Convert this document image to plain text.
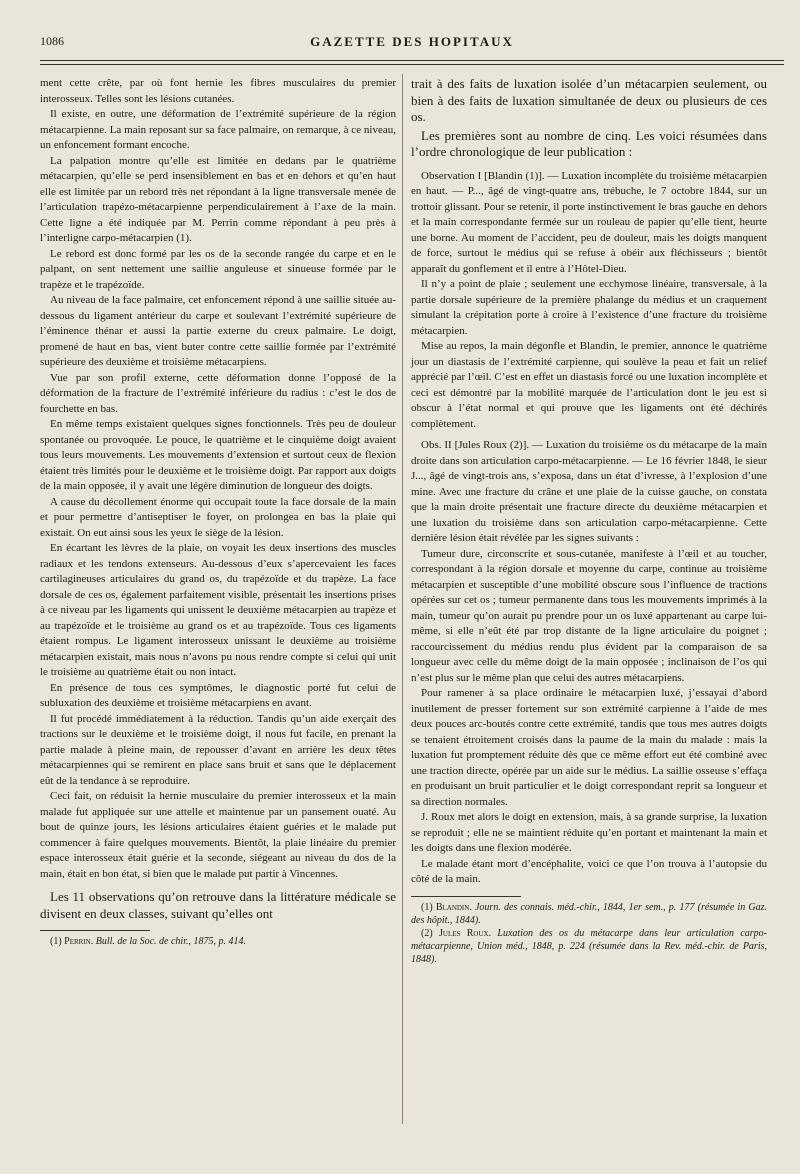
1086	GAZETTE DES HOPITAUX

ment cette crête, par où font hernie les fibres musculaires du premier interosseux. Telles sont les lésions cutanées.

Il existe, en outre, une déformation de l’extrémité supérieure de la région métacarpienne. La main reposant sur sa face palmaire, on remarque, à ce niveau, un enfoncement formant encoche.

La palpation montre qu’elle est limitée en dedans par le quatrième métacarpien, qu’elle se perd insensiblement en bas et en dehors et qu’en haut elle est limitée par un rebord très net répondant à la ligne transversale menée de l’articulation trapézo-métacarpienne perpendiculairement à l’axe de la main. Cette ligne a été indiquée par M. Perrin comme répondant à peu près à l’interligne carpo-métacarpien (1).

Le rebord est donc formé par les os de la seconde rangée du carpe et en le palpant, on sent nettement une saillie anguleuse et sinueuse formée par le trapèze et le trapézoïde.

Au niveau de la face palmaire, cet enfoncement répond à une saillie située au-dessous du ligament antérieur du carpe et soulevant l’extrémité supérieure de l’éminence thénar et aussi la partie externe du creux palmaire. Le doigt, promené de haut en bas, vient buter contre cette saillie formée par l’extrémité supérieure des deuxième et troisième métacarpiens.

Vue par son profil externe, cette déformation donne l’opposé de la déformation de la fracture de l’extrémité inférieure du radius : c’est le dos de fourchette en bas.

En même temps existaient quelques signes fonctionnels. Très peu de douleur spontanée ou provoquée. Le pouce, le quatrième et le cinquième doigt avaient tous leurs mouvements. Les mouvements d’extension et surtout ceux de flexion étaient très limités pour le deuxième et le troisième doigt. Par rapport aux doigts de la main opposée, il y avait une légère diminution de longueur des doigts.

A cause du décollement énorme qui occupait toute la face dorsale de la main et pour permettre d’antiseptiser le foyer, on prolongea en bas la plaie qui existait. On eut ainsi sous les yeux le siège de la lésion.

En écartant les lèvres de la plaie, on voyait les deux insertions des muscles radiaux et les tendons extenseurs. Au-dessous d’eux s’apercevaient les faces cartilagineuses articulaires du grand os, du trapézoïde et du trapèze. La face dorsale de ces os, également parfaitement visible, présentait les insertions prises à ce niveau par les ligaments qui unissent le deuxième métacarpien au trapèze et au trapézoïde et le troisième au grand os et au trapézoïde. Tous ces ligaments étaient rompus. Le ligament interosseux unissant le deuxième au troisième métacarpien existait, mais nous n’avons pu nous rendre compte si celui qui unit le troisième au quatrième était ou non intact.

En présence de tous ces symptômes, le diagnostic porté fut celui de subluxation des deuxième et troisième métacarpiens en avant.

Il fut procédé immédiatement à la réduction. Tandis qu’un aide exerçait des tractions sur le deuxième et le troisième doigt, il nous fut facile, en prenant la partie malade à pleine main, de repousser d’avant en arrière les deux têtes métacarpiennes qui se remirent en place sans bruit et sans que le déplacement eût de la tendance à se reproduire.

Ceci fait, on réduisit la hernie musculaire du premier interosseux et la main malade fut appliquée sur une attelle et maintenue par un pansement ouaté. Au bout de quinze jours, les lésions articulaires étaient guéries et le malade put commencer à faire quelques mouvements. Bientôt, la plaie linéaire du premier espace interosseux était guérie et la seconde, siégeant au niveau du dos de la main, était en bon état, si bien que le malade put partir à Vincennes.

Les 11 observations qu’on retrouve dans la littérature médicale se divisent en deux classes, suivant qu’elles ont

(1) Perrin. Bull. de la Soc. de chir., 1875, p. 414.

trait à des faits de luxation isolée d’un métacarpien seulement, ou bien à des faits de luxation simultanée de deux ou plusieurs de ces os.

Les premières sont au nombre de cinq. Les voici résumées dans l’ordre chronologique de leur publication :

Observation I [Blandin (1)]. — Luxation incomplète du troisième métacarpien en haut. — P..., âgé de vingt-quatre ans, trébuche, le 7 octobre 1844, sur un trottoir glissant. Pour se retenir, il porte instinctivement le bras gauche en dehors et la main correspondante fermée sur un rouleau de papier qu’elle tient, heurte une borne. Au moment de l’accident, peu de douleur, mais les doigts manquent de force, surtout le médius qui se refuse à obéir aux fléchisseurs ; bientôt apparaît du gonflement et il entre à l’Hôtel-Dieu.

Il n’y a point de plaie ; seulement une ecchymose linéaire, transversale, à la partie dorsale supérieure de la première phalange du médius et un craquement simulant la crépitation porte à croire à l’existence d’une fracture du troisième métacarpien.

Mise au repos, la main dégonfle et Blandin, le premier, annonce le quatrième jour un diastasis de l’extrémité carpienne, qui soulève la peau et fait un relief apprécié par l’œil. C’est en effet un diastasis forcé ou une luxation incomplète et ceci est démontré par la mobilité marquée de l’articulation dont le jeu est si obscur à l’état normal et qui prouve que les ligaments ont été déchirés complètement.

Obs. II [Jules Roux (2)]. — Luxation du troisième os du métacarpe de la main droite dans son articulation carpo-métacarpienne. — Le 16 février 1848, le sieur J..., âgé de vingt-trois ans, s’exposa, dans un état d’ivresse, à l’explosion d’une mine. Avec une fracture du crâne et une plaie de la cuisse gauche, on constata que la main droite présentait une fracture directe du deuxième métacarpien et une luxation du troisième dans son articulation carpo-métacarpienne. Cette dernière lésion était révélée par les signes suivants :

Tumeur dure, circonscrite et sous-cutanée, manifeste à l’œil et au toucher, correspondant à la région dorsale et moyenne du carpe, continue au troisième métacarpien et susceptible d’une mobilité obscure sous l’influence de tractions opérées sur cet os ; tumeur permanente dans tous les mouvements imprimés à la main, tumeur qu’on aurait pu prendre pour un os luxé appartenant au carpe lui-même, si elle n’eût été par trop distante de la ligne articulaire du poignet ; raccourcissement du médius rendu plus évident par la comparaison de sa longueur avec celle du même doigt de la main opposée ; inclinaison de l’os qui n’est plus sur le même plan que celui des autres métacarpiens.

Pour ramener à sa place ordinaire le métacarpien luxé, j’essayai d’abord inutilement de presser fortement sur son extrémité carpienne à l’aide de mes deux pouces arc-boutés contre cette extrémité, tandis que tous mes autres doigts se tenaient étroitement croisés dans la paume de la main du malade : mais la luxation fut promptement réduite dès que ce même effort eut été combiné avec une traction directe, opérée par un aide sur le médius. La saillie osseuse s’effaça en produisant un bruit particulier et le doigt correspondant reprit sa longueur et sa direction normales.

J. Roux met alors le doigt en extension, mais, à sa grande surprise, la luxation se reproduit ; elle ne se maintient réduite qu’en portant et maintenant la main et les doigts dans une flexion modérée.

Le malade étant mort d’encéphalite, voici ce que l’on trouva à l’autopsie du côté de la main.

(1) Blandin. Journ. des connais. méd.-chir., 1844, 1er sem., p. 177 (résumée in Gaz. des hôpit., 1844).

(2) Jules Roux. Luxation des os du métacarpe dans leur articulation carpo-métacarpienne, Union méd., 1848, p. 224 (résumée dans la Rev. méd.-chir. de Paris, 1848).
